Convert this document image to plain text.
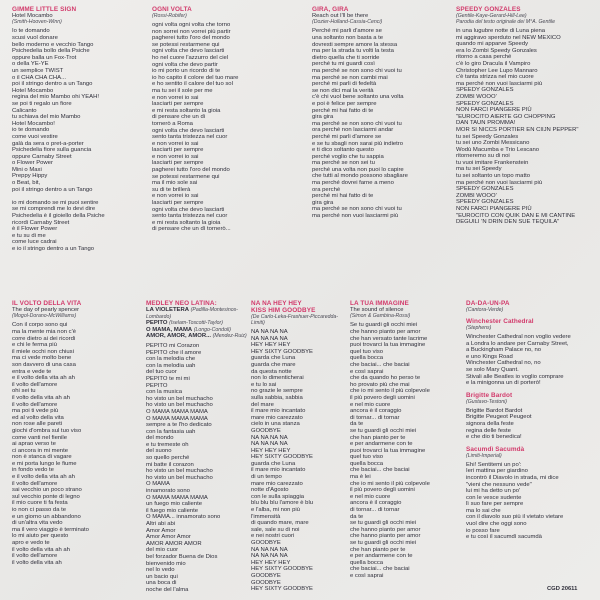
GIMME LITTLE SIGN
Hotel Mocambo
(Smith-Hooven-Winn)
Io te domando
scusi vuol donare
bello moderno e vecchio Tango
Psichedelia bollo della Psiche
oppure balla un Fox-Trot
o della YE-YE
un semplice TWIST
o il CHA CHA CHA...
poi il stringo dentro a un Tango
Hotel Mocambo
regina del mio Mambo ohi YEAH!
se poi ti regalo un fiore
Calicanto
tu schiava del mio Mambo
Hotel Mocambo!
io te domando
come vuoi vestire
galà da sera o pret-a-porter
Psichedelia fiore sulla guancia
oppure Carnaby Street
o Flower Power
Mini o Maxi
Preppy Hippy
o Beat, bit,
poi il stringo dentro a un Tango
io mi domando se mi puoi sentire
se mi comprendi me lo devi dire
Psichedelia è il gioiello della Psiche
ricordi Carnaby Street
è il Flower Power
e tu su di me
come luce cadrai
e io il stringo dentro a un Tango
OGNI VOLTA
(Rossi-Robifer)
ogni volta ogni volta che torno
non sorrei non vorrei più partir
pagherei tutto l'oro del mondo
se potessi restarmene qui
ogni volta che devo lasciarti
ho nel cuore l'azzurro del ciel
ogni volta che devo partir
io mi porto un ricordo di te
io ho capito il colore del tuo mare
e ho sentito il calore del tuo sol
ma tu sei il sole per me
e non vorrei io sai
lasciarti per sempre
e mi resta soltanto la gioia
di pensare che un di
tornerò a Roma
ogni volta che devo lasciarti
sento tanta tristezza nel cuor
e non vorrei io sai
lasciarti per sempre
e non vorrei io sai
lasciarti per sempre
pagherei tutto l'oro del mondo
se potessi restarmene qui
ma il mio sole sai
su di te brillerà
e non vorrei io sai
lasciarti per sempre
ogni volta che devo lasciarti
sento tanta tristezza nel cuor
e mi resta soltanto la gioia
di pensare che un dì tornerò...
GIRA, GIRA
Reach out I'll be there
(Dozier-Holland-Cassia-Cenci)
Perché mi parli d'amore se
una soltanto non basta a te
dovresti sempre amore la stessa
ma per la strada tu volti la testa
dietro quella che ti sorride
perché tu mi guardi così
ma perché se non sono chi vuoi tu
ma perché se non cambi mai
perché mi parli di fedeltà
se non dici mai la verità
c'è chi vuol bene soltanto una volta
e poi è felice per sempre
perché mi hai fatto di te
gira gira
ma perché se non sono chi vuoi tu
ora perché non lasciarmi andar
perché mi parli d'amore se
e se tu sbagli non sarai più indietro
e ti dico soltanto questo
perché voglio che tu sappia
ma perché se non sei tu
perché una volta non puoi lo capire
che tutti al mondo possono sbagliare
ma perché dovrei farne a meno
ora perché
perché mi hai fatto di te
gira gira
ma perché se non sono chi vuoi tu
ma perché non vuoi lasciarmi più
SPEEDY GONZALES
(Gentile-Kaye-Gerard-Hill-Lee)
Parodia del testo originale dei M°A. Gentile
in una lugubre notte di Luna piena
mi aggiravo sperduto nel NEW MEXICO
quando mi apparve Speedy
era lo Zombi Speedy Gonzales
ritorno a casa perché
c'è lo giro Dracula il Vampiro
Christopher Lee Lupo Mannaro
c'è tanta strizza nel mio cuore
ma perché non vuoi lasciarmi più
SPEEDY GONZALES
ZOMBI WOOO'
SPEEDY GONZALES
NON FARCI PIANGERE PIÙ
"EUROCITO AIERTE GO CHOPPING
DAN TAUN PROMMA!
MOR SI NICCS PORTIER EN CIIJN PEPPER"
tu sei Speedy Gonzales
tu sei uno Zombi Messicano
Wodù Macumba e Trio Lescano
ritorneremo su di noi
tu vuoi imitare Frankenstein
ma tu sei Speedy
tu sei soltanto un topo matto
ma perché non vuoi lasciarmi più
SPEEDY GONZALES
ZOMBI WOOO'
SPEEDY GONZALES
NON FARCI PIANGERE PIÙ
"EUROCITO CON QUIK DAN E MI CANTINE
DEGUILI 'N DRIN DEN SUE TEQUILA"
IL VOLTO DELLA VITA
The day of pearly spencer
(Mogol-Dorano-McWilliams)
Con il corpo sono qui
ma la mente mia non c'è
corre dietro ai dei ricordi
e chi le ferma più
il miele occhi non chiusi
ma ci vede molto bene
son davvero di una casa
entra e vede te
e il volto della vita ah ah
il volto dell'amore
ohi sei tu
il volto della vita ah ah
il volto dell'amore
ma poi ti vede più
ed al volto della vita
non rose alle pareti
giochi d'ombra sul tuo viso
come vanti nel fienile
ai aprao verso te
ci ancora in mi mente
non è stanca di vagare
e mi porta lungo le fiume
in fondo vedo te
e il volto della vita ah ah
il volto dell'amore
sai vecchio un poco strano
sul vecchio ponte di legno
il mio cuore ti fa festa
io non ci passo da te
e un giorno un abbandono
di un'altra vita vedo
ma il vero viaggio è terminato
lo mi aiuto per questo
apro e vedo te
il volto della vita ah ah
il volto dell'amore
il volto della vita ah
MEDLEY NEO LATINA:
LA VIOLETERA (Padilla-Montesinos-Lombardo)
PEPITO (Iselam-Toscotti-Taylor)
O MAMA, MAMA (Longo-Condoli)
AMOR, AMOR, AMOR... (Mendez-Ruiz)
PEPITO mi Corazon
PEPITO che il amore
con la melodia che
con la melodia uah
del tuo cuor
PEPITO te mi mi
PEPITO
con la musica
ho visto un bel muchacho
ho visto un bel muchacho
O MAMA MAMA MAMA
O MAMA MAMA MAMA
sempre a te l'ho dedicato
con la fantasia uah
del mondo
e tu tremeste oh
del suono
so quello perché
mi batte il corazon
ho visto un bel muchacho
ho visto un bel muchacho
O MAMA
innamorato sono
O MAMA MAMA MAMA
un fuego mio caliente
il fuego mio caliente
O MAMA... innamorato sono
Altri abi abi
Amor Amor
Amor Amor Amor
AMOR AMOR AMOR
del mio cuor
bel forzador Buena de Dios
bienvenido mio
nel lo vedo
un bacio qui
una boca di
noche del l'alma
NA NA HEY HEY
KISS HIM GOODBYE
(De Carlo-Leka-Frashuer-Piccaredda-Limiti)
NA NA NA NA
NA NA NA NA
HEY HEY HEY
HEY SIXTY GOODBYE
guarda che Luna
guarda che mare
da questa notte
non lo dimenticherai
e tu lo sai
no grazie le sempre
sulla sabbia, sabbia
del mare
il mare mio incantato
mare mio carezzato
cielo in una stanza
GOODBYE
NA NA NA NA
NA NA NA NA
HEY HEY HEY
HEY SIXTY GOODBYE
guarda che Luna
il mare mio incantato
di un tempo
mare mio carezzato
notte d'Agosto
con le sulla spiaggia
blu blu blu l'amore è blu
e l'alba, mi non più
l'immensità
di quando mare, mare
sale, sale su di noi
e nei nostri cuori
GOODBYE
NA NA NA NA
NA NA NA NA
HEY HEY HEY
HEY SIXTY GOODBYE
GOODBYE
GOODBYE
HEY SIXTY GOODBYE
LA TUA IMMAGINE
The sound of silence
(Simon & Gambina-Rossi)
Se tu guardi gli occhi miei
che hanno pianto per amor
che han versato tante lacrime
puoi trovarci la tua immagine
quel tuo viso
quella bocca
che baciai... che baciai
e così saprai
che da quando ho perso te
ho provato più che mai
che io mi sento il più colpevole
il più povero degli uomini
e nel mio cuore
ancora è il coraggio
di tornar... di tornar
da te
se tu guardi gli occhi miei
che han pianto per te
e per andarmene con te
puoi trovarci la tua immagine
quel tuo viso
quella bocca
che baciai... che baciai
ma è lei
che io mi sento il più colpevole
il più povero degli uomini
e nel mio cuore
ancora è il coraggio
di tornar... di tornar
da te
se tu guardi gli occhi miei
che hanno pianto per amor
che hanno pianto per amor
se tu guardi gli occhi miei
che han pianto per te
e per andarmene con te
quella bocca
che baciai... che baciai
e così saprai
DA-DA-UN-PA
(Cantora-Verde)
Winchester Cathedral
(Stephens)
Winchester Cathedral non voglio vedere
a Londra lo andare per Carnaby Street,
a Buckingham Palace no, no
e uno Kings Road
Winchester Cathedral no, no
se solo Mary Quant.
Stivali alle Beatles io voglio comprare
e la minigonna un di porterò!
Brigitte Bardot
(Gustavo-Testoni)
Brigitte Bardot Bardot
Brigitte Peugeot Peugeot
signora della feste
regina delle feste
e che dio ti benedica!
Sacumdì Sacumdà
(Limiti-Imperial)
Ehi! Sentitemi un po':
Ieri mattina per giardino
incontrò il Diavolo in strada, mi dice
"vieni che nessuno vede"
lui mi ha detto un po'
con le vesce sudente
lì suo fare per sempre
ma lo sai che
con il diavolo suo più il vietato vietare
vuol dire che oggi sono
io posso fare
e tu così il sacumdì sacumdà
CGD 20611
